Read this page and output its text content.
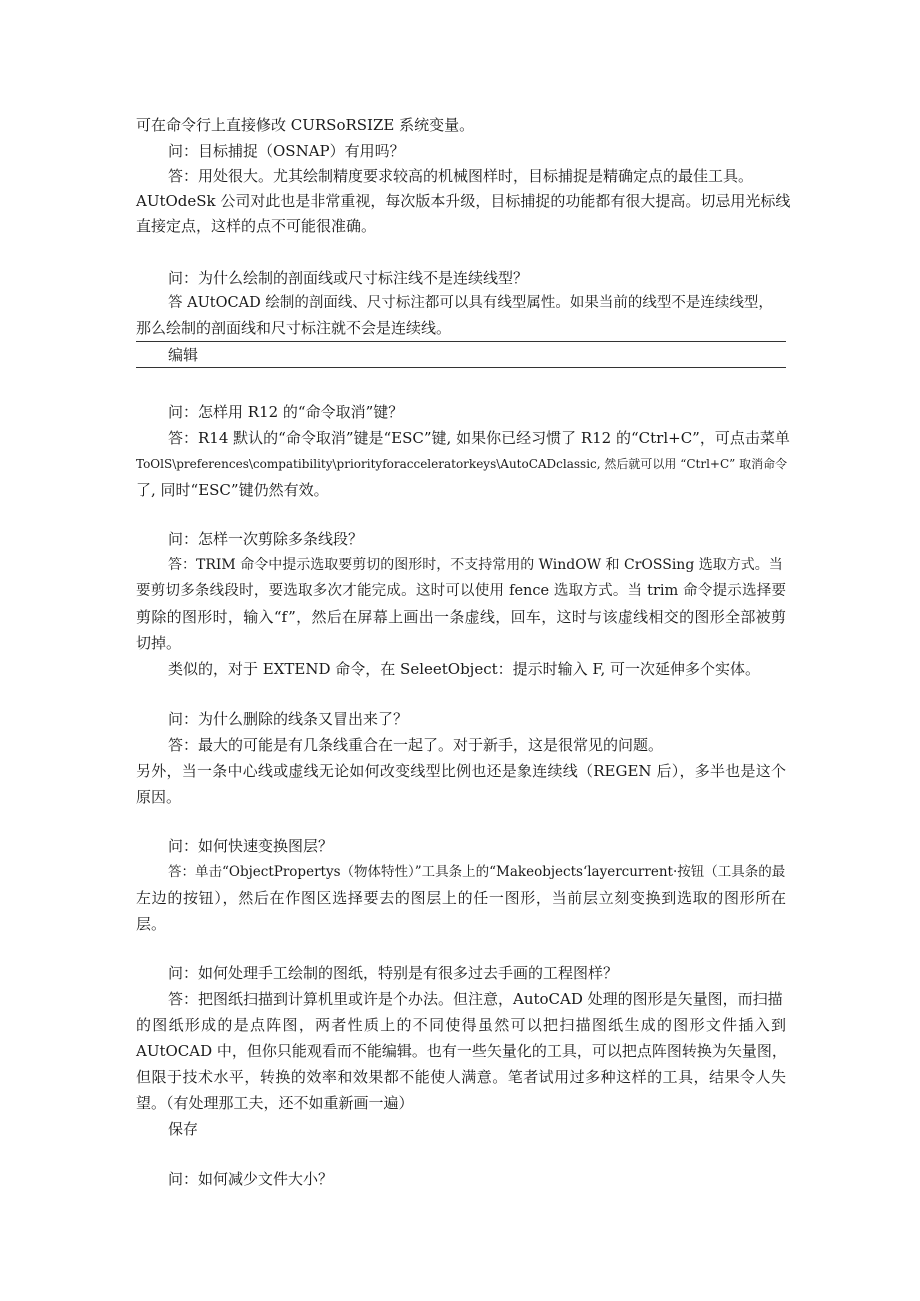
可在命令行上直接修改 CURSoRSIZE 系统变量。
问：目标捕捉（OSNAP）有用吗？
答：用处很大。尤其绘制精度要求较高的机械图样时，目标捕捉是精确定点的最佳工具。
AUtOdeSk 公司对此也是非常重视，每次版本升级，目标捕捉的功能都有很大提高。切忌用光标线
直接定点，这样的点不可能很准确。
问：为什么绘制的剖面线或尺寸标注线不是连续线型？
答 AUtOCAD 绘制的剖面线、尺寸标注都可以具有线型属性。如果当前的线型不是连续线型，
那么绘制的剖面线和尺寸标注就不会是连续线。
编辑
问：怎样用 R12 的“命令取消”键？
答：R14 默认的“命令取消”键是“ESC”键, 如果你已经习惯了 R12 的“Ctrl+C”，可点击菜单
ToOlS\preferences\compatibility\priorityforacceleratorkeys\AutoCADclassic, 然后就可以用 “Ctrl+C” 取消命令
了, 同时“ESC”键仍然有效。
问：怎样一次剪除多条线段？
答：TRIM 命令中提示选取要剪切的图形时，不支持常用的 WindOW 和 CrOSSing 选取方式。当
要剪切多条线段时，要选取多次才能完成。这时可以使用 fence 选取方式。当 trim 命令提示选择要
剪除的图形时，输入“f”，然后在屏幕上画出一条虚线，回车，这时与该虚线相交的图形全部被剪
切掉。
类似的，对于 EXTEND 命令，在 SeleetObject：提示时输入 F, 可一次延伸多个实体。
问：为什么删除的线条又冒出来了？
答：最大的可能是有几条线重合在一起了。对于新手，这是很常见的问题。
另外，当一条中心线或虚线无论如何改变线型比例也还是象连续线（REGEN 后），多半也是这个
原因。
问：如何快速变换图层？
答：单击“ObjectPropertys（物体特性）”工具条上的“Makeobjects‘layercurrent·按钮（工具条的最
左边的按钮），然后在作图区选择要去的图层上的任一图形，当前层立刻变换到选取的图形所在
层。
问：如何处理手工绘制的图纸，特别是有很多过去手画的工程图样？
答：把图纸扫描到计算机里或许是个办法。但注意，AutoCAD 处理的图形是矢量图，而扫描
的图纸形成的是点阵图，两者性质上的不同使得虽然可以把扫描图纸生成的图形文件插入到
AUtOCAD 中，但你只能观看而不能编辑。也有一些矢量化的工具，可以把点阵图转换为矢量图，
但限于技术水平，转换的效率和效果都不能使人满意。笔者试用过多种这样的工具，结果令人失
望。（有处理那工夫，还不如重新画一遍）
保存
问：如何减少文件大小？
